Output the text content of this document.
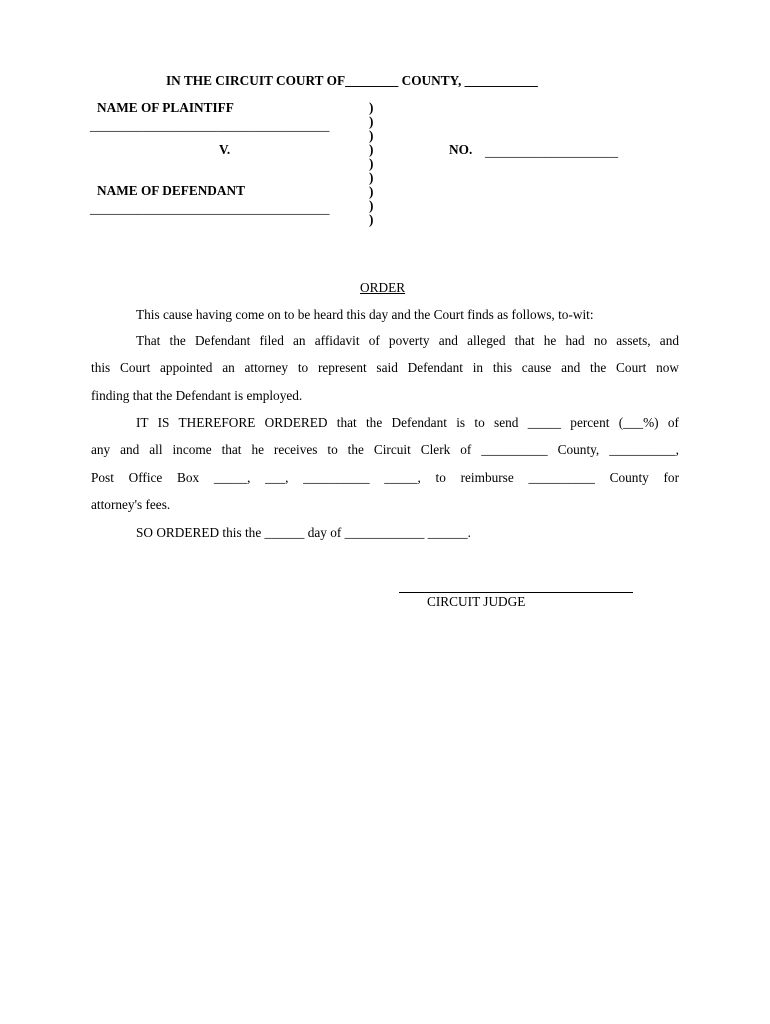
IN THE CIRCUIT COURT OF________ COUNTY, ___________
NAME OF PLAINTIFF
____________________________________
V.
NAME OF DEFENDANT
____________________________________
)
)
)
)
)
)
)
)
)
NO. ____________________
ORDER
This cause having come on to be heard this day and the Court finds as follows, to-wit:
That the Defendant filed an affidavit of poverty and alleged that he had no assets, and
this Court appointed an attorney to represent said Defendant in this cause and the Court now
finding that the Defendant is employed.
IT IS THEREFORE ORDERED that the Defendant is to send _____ percent (___%) of
any and all income that he receives to the Circuit Clerk of __________ County, __________,
Post Office Box _____, ___, __________ _____, to reimburse __________ County for
attorney's fees.
SO ORDERED this the ______ day of ____________ ______.
CIRCUIT JUDGE
